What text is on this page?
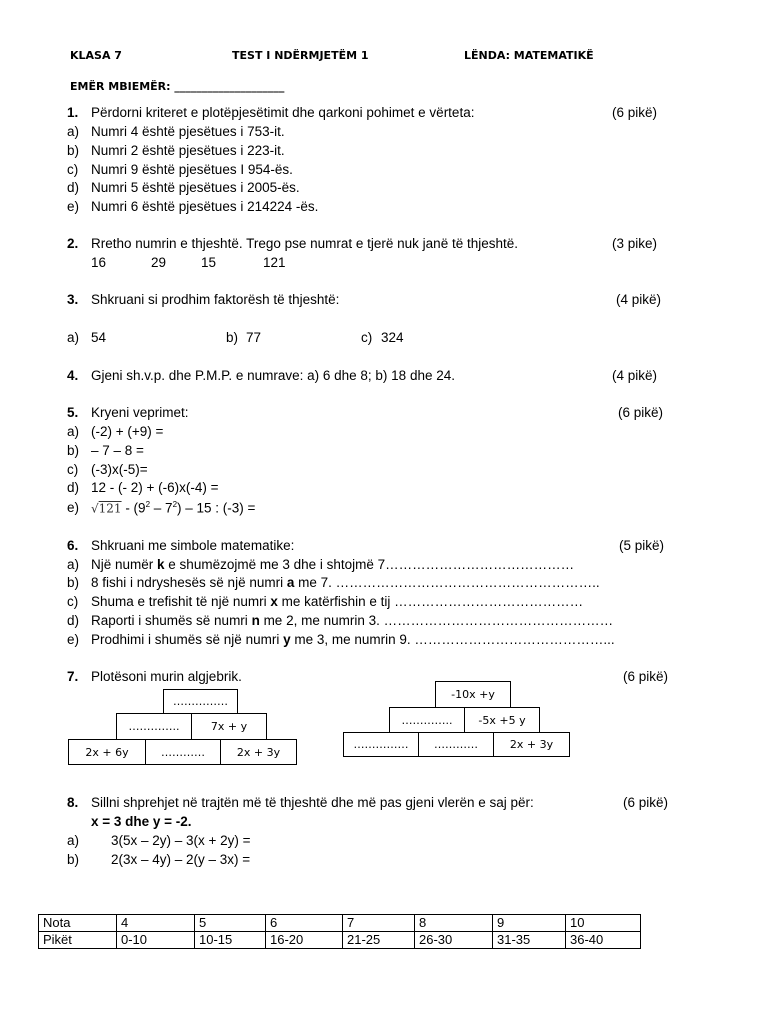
KLASA 7	TEST I NDËRMJETËM 1	LËNDA: MATEMATIKË
EMËR MBIEMËR: ____________________
1. Përdorni kriteret e plotëpjesëtimit dhe qarkoni pohimet e vërteta:	(6 pikë)
a) Numri 4 është pjesëtues i 753-it.
b) Numri 2 është pjesëtues i 223-it.
c) Numri 9 është pjesëtues I 954-ës.
d) Numri 5 është pjesëtues i 2005-ës.
e) Numri 6 është pjesëtues i 214224 -ës.
2. Rretho numrin e thjeshtë. Trego pse numrat e tjerë nuk janë të thjeshtë.	(3 pike)
16	29	15	121
3. Shkruani si prodhim faktorësh të thjeshtë:	(4 pikë)
a) 54	b) 77	c) 324
4. Gjeni sh.v.p. dhe P.M.P. e numrave: a) 6 dhe 8; b) 18 dhe 24.	(4 pikë)
5. Kryeni veprimet:	(6 pikë)
a) (-2) + (+9) =
b) – 7 – 8 =
c) (-3)x(-5)=
d) 12 - (- 2) + (-6)x(-4) =
e) $√121 - (9^2 - 7^2) - 15$ : (-3) =
6. Shkruani me simbole matematike:	(5 pikë)
a) Një numër k e shumëzojmë me 3 dhe i shtojmë 7……………………………………
b) 8 fishi i ndryshesës së një numri a me 7. …………………………………………………..
c) Shuma e trefishit të një numri x me katërfishin e tij ……………………………………
d) Raporti i shumës së numri n me 2, me numrin 3. ……………………………………………
e) Prodhimi i shumës së një numri y me 3, me numrin 9. ……………………………………...
7. Plotësoni murin algjebrik.	(6 pikë)
……………
…………..	7x + y
2x + 6y	…………	2x + 3y
-10x +y
…………..	-5x +5 y
……………	…………	2x + 3y
8. Sillni shprehjet në trajtën më të thjeshtë dhe më pas gjeni vlerën e saj për:	(6 pikë)
x = 3 dhe y = -2.
a) 3(5x – 2y) – 3(x + 2y) =
b) 2(3x – 4y) – 2(y – 3x) =
Nota	4	5	6	7	8	9	10
Pikët	0-10	10-15	16-20	21-25	26-30	31-35	36-40
